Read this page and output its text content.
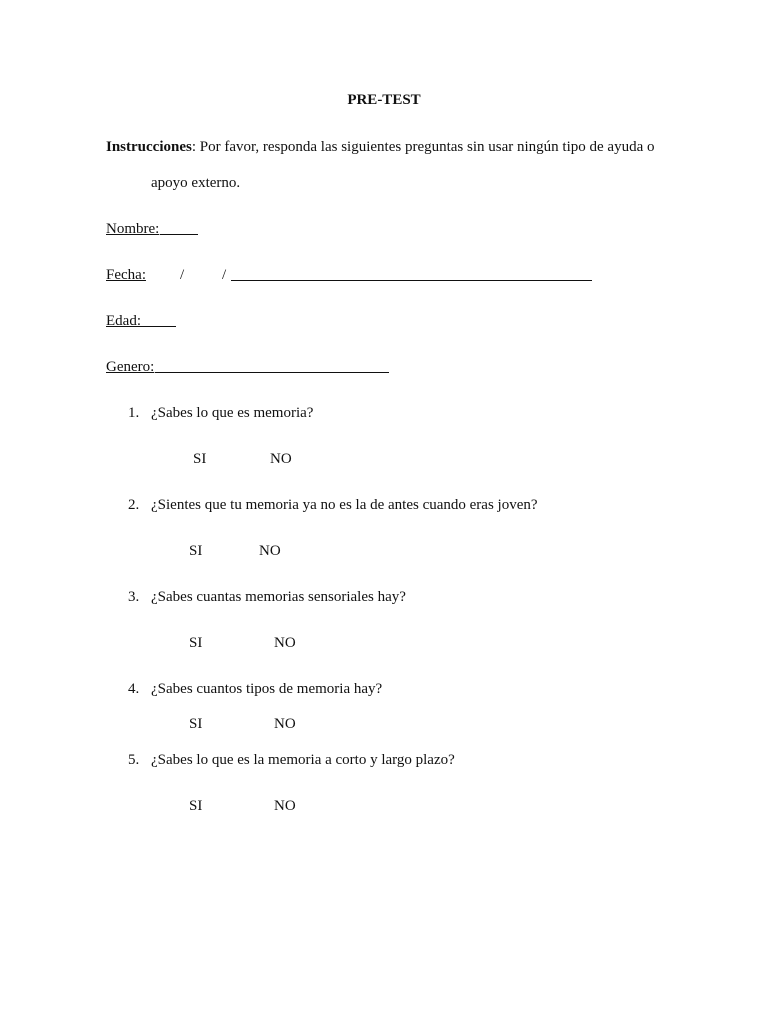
PRE-TEST
Instrucciones: Por favor, responda las siguientes preguntas sin usar ningún tipo de ayuda o
apoyo externo.
Nombre:
Fecha: /	/
Edad:
Genero:
1. ¿Sabes lo que es memoria?
SI	NO
2. ¿Sientes que tu memoria ya no es la de antes cuando eras joven?
SI	NO
3. ¿Sabes cuantas memorias sensoriales hay?
SI	NO
4. ¿Sabes cuantos tipos de memoria hay?
SI	NO
5. ¿Sabes lo que es la memoria a corto y largo plazo?
SI	NO
